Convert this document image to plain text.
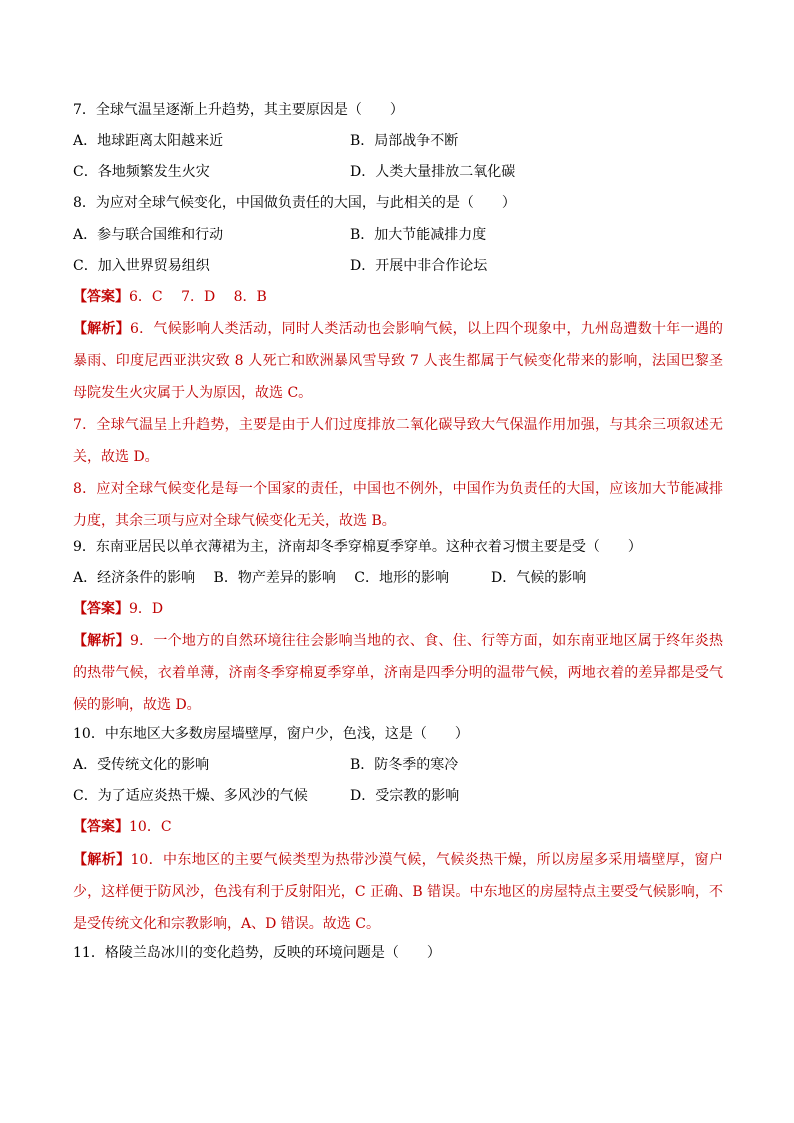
7．全球气温呈逐渐上升趋势，其主要原因是（　　）
A．地球距离太阳越来近	B．局部战争不断
C．各地频繁发生火灾	D．人类大量排放二氧化碳
8．为应对全球气候变化，中国做负责任的大国，与此相关的是（　　）
A．参与联合国维和行动	B．加大节能减排力度
C．加入世界贸易组织	D．开展中非合作论坛
【答案】6．C　 7．D　 8．B
【解析】6．气候影响人类活动，同时人类活动也会影响气候，以上四个现象中，九州岛遭数十年一遇的暴雨、印度尼西亚洪灾致 8 人死亡和欧洲暴风雪导致 7 人丧生都属于气候变化带来的影响，法国巴黎圣母院发生火灾属于人为原因，故选 C。
7．全球气温呈上升趋势，主要是由于人们过度排放二氧化碳导致大气保温作用加强，与其余三项叙述无关，故选 D。
8．应对全球气候变化是每一个国家的责任，中国也不例外，中国作为负责任的大国，应该加大节能减排力度，其余三项与应对全球气候变化无关，故选 B。
9．东南亚居民以单衣薄裙为主，济南却冬季穿棉夏季穿单。这种衣着习惯主要是受（　　）
A．经济条件的影响　 B．物产差异的影响　 C．地形的影响　　　D．气候的影响
【答案】9．D
【解析】9．一个地方的自然环境往往会影响当地的衣、食、住、行等方面，如东南亚地区属于终年炎热的热带气候，衣着单薄，济南冬季穿棉夏季穿单，济南是四季分明的温带气候，两地衣着的差异都是受气候的影响，故选 D。
10．中东地区大多数房屋墙壁厚，窗户少，色浅，这是（　　）
A．受传统文化的影响	B．防冬季的寒冷
C．为了适应炎热干燥、多风沙的气候	D．受宗教的影响
【答案】10．C
【解析】10．中东地区的主要气候类型为热带沙漠气候，气候炎热干燥，所以房屋多采用墙壁厚，窗户少，这样便于防风沙，色浅有利于反射阳光，C 正确、B 错误。中东地区的房屋特点主要受气候影响，不是受传统文化和宗教影响，A、D 错误。故选 C。
11．格陵兰岛冰川的变化趋势，反映的环境问题是（　　）
